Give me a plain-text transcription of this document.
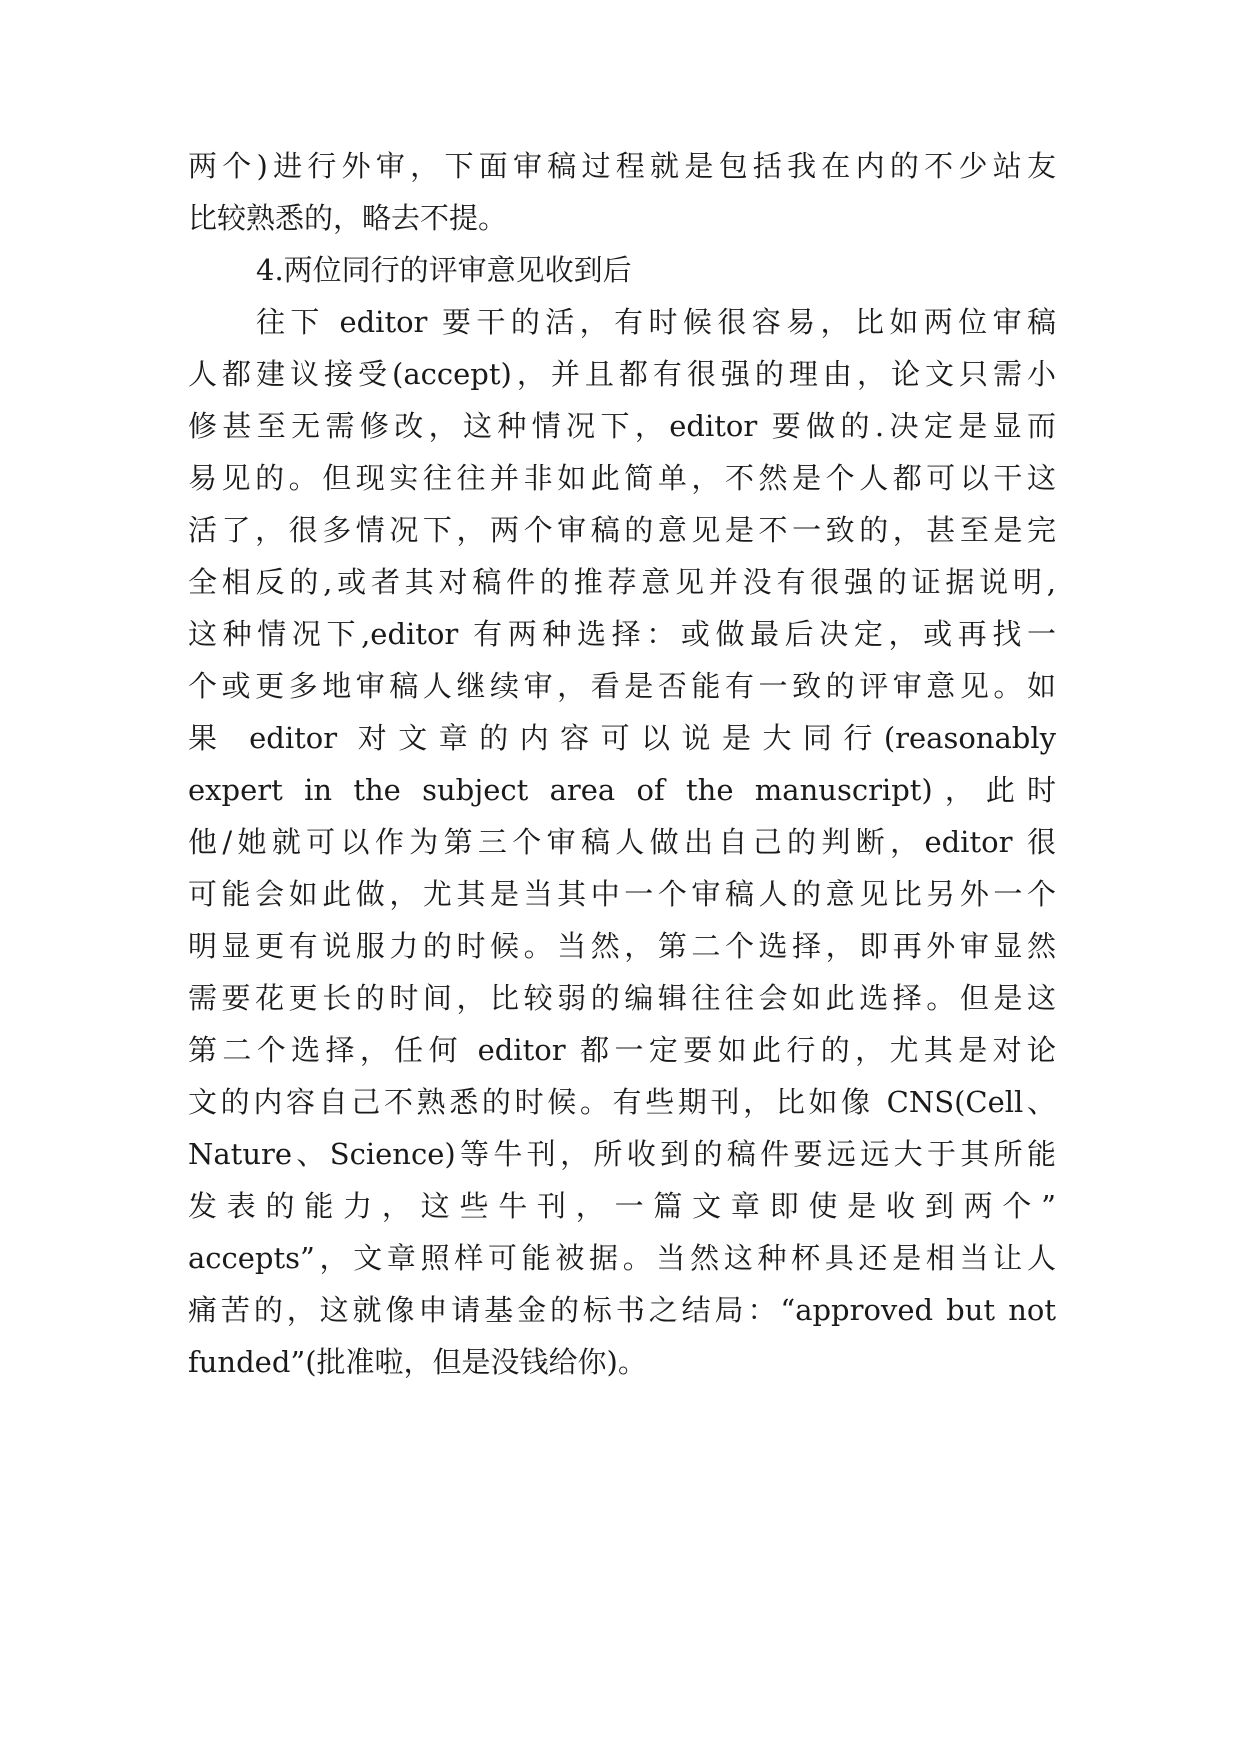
两个)进行外审，下面审稿过程就是包括我在内的不少站友
比较熟悉的，略去不提。
4.两位同行的评审意见收到后
往下 editor 要干的活，有时候很容易，比如两位审稿
人都建议接受(accept)，并且都有很强的理由，论文只需小
修甚至无需修改，这种情况下，editor 要做的.决定是显而
易见的。但现实往往并非如此简单，不然是个人都可以干这
活了，很多情况下，两个审稿的意见是不一致的，甚至是完
全相反的,或者其对稿件的推荐意见并没有很强的证据说明,
这种情况下,editor 有两种选择：或做最后决定，或再找一
个或更多地审稿人继续审，看是否能有一致的评审意见。如
果 editor 对文章的内容可以说是大同行(reasonably
expert in the subject area of the manuscript)，此时
他/她就可以作为第三个审稿人做出自己的判断，editor 很
可能会如此做，尤其是当其中一个审稿人的意见比另外一个
明显更有说服力的时候。当然，第二个选择，即再外审显然
需要花更长的时间，比较弱的编辑往往会如此选择。但是这
第二个选择，任何 editor 都一定要如此行的，尤其是对论
文的内容自己不熟悉的时候。有些期刊，比如像 CNS(Cell、
Nature、Science)等牛刊，所收到的稿件要远远大于其所能
发表的能力，这些牛刊，一篇文章即使是收到两个”
accepts”，文章照样可能被据。当然这种杯具还是相当让人
痛苦的，这就像申请基金的标书之结局：“approved but not
funded”(批准啦，但是没钱给你)。
